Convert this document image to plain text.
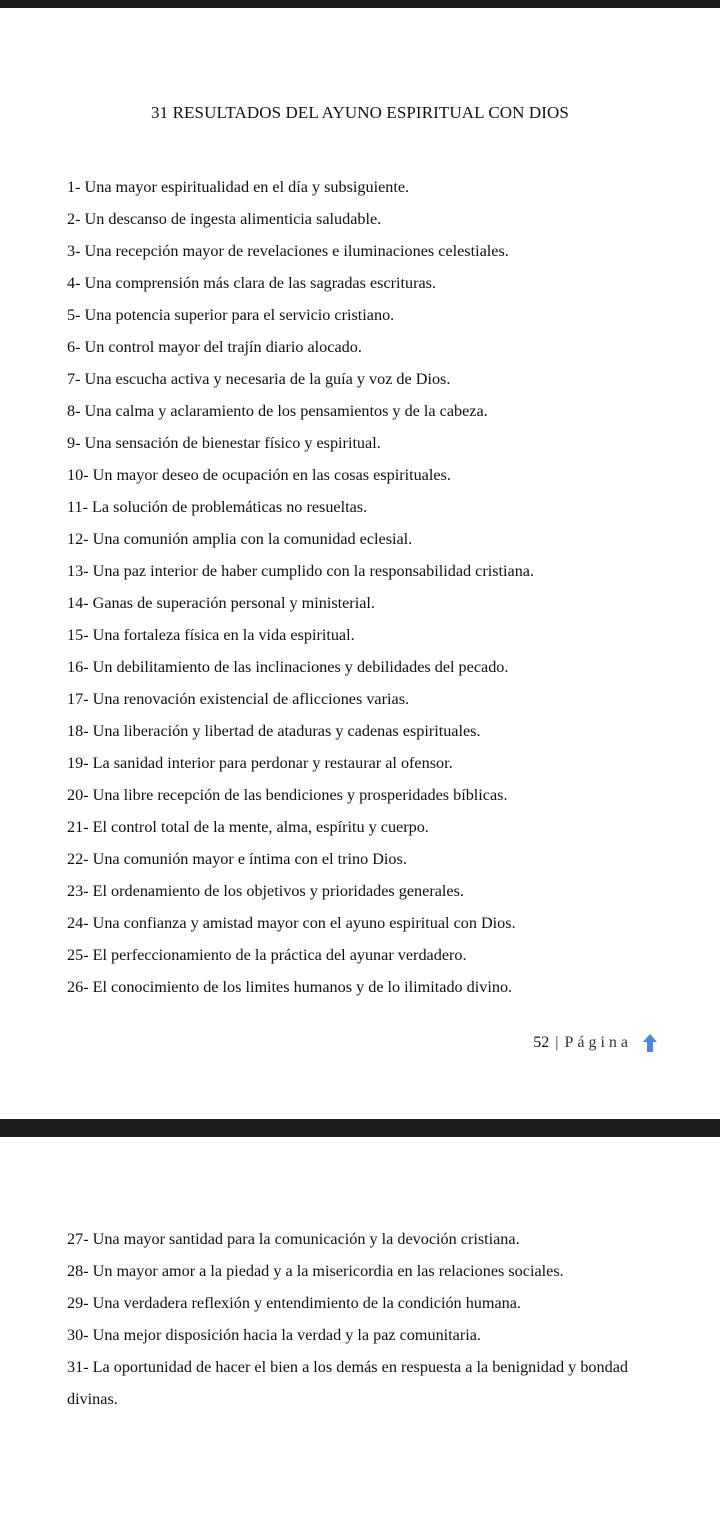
31 RESULTADOS DEL AYUNO ESPIRITUAL CON DIOS
1- Una mayor espiritualidad en el día y subsiguiente.
2- Un descanso de ingesta alimenticia saludable.
3- Una recepción mayor de revelaciones e iluminaciones celestiales.
4- Una comprensión más clara de las sagradas escrituras.
5- Una potencia superior para el servicio cristiano.
6- Un control mayor del trajín diario alocado.
7- Una escucha activa y necesaria de la guía y voz de Dios.
8- Una calma y aclaramiento de los pensamientos y de la cabeza.
9- Una sensación de bienestar físico y espiritual.
10- Un mayor deseo de ocupación en las cosas espirituales.
11- La solución de problemáticas no resueltas.
12- Una comunión amplia con la comunidad eclesial.
13- Una paz interior de haber cumplido con la responsabilidad cristiana.
14- Ganas de superación personal y ministerial.
15- Una fortaleza física en la vida espiritual.
16- Un debilitamiento de las inclinaciones y debilidades del pecado.
17- Una renovación existencial de aflicciones varias.
18- Una liberación y libertad de ataduras y cadenas espirituales.
19- La sanidad interior para perdonar y restaurar al ofensor.
20- Una libre recepción de las bendiciones y prosperidades bíblicas.
21- El control total de la mente, alma, espíritu y cuerpo.
22- Una comunión mayor e íntima con el trino Dios.
23- El ordenamiento de los objetivos y prioridades generales.
24- Una confianza y amistad mayor con el ayuno espiritual con Dios.
25- El perfeccionamiento de la práctica del ayunar verdadero.
26- El conocimiento de los limites humanos y de lo ilimitado divino.
52 | Página
27- Una mayor santidad para la comunicación y la devoción cristiana.
28- Un mayor amor a la piedad y a la misericordia en las relaciones sociales.
29- Una verdadera reflexión y entendimiento de la condición humana.
30- Una mejor disposición hacia la verdad y la paz comunitaria.
31- La oportunidad de hacer el bien a los demás en respuesta a la benignidad y bondad divinas.
